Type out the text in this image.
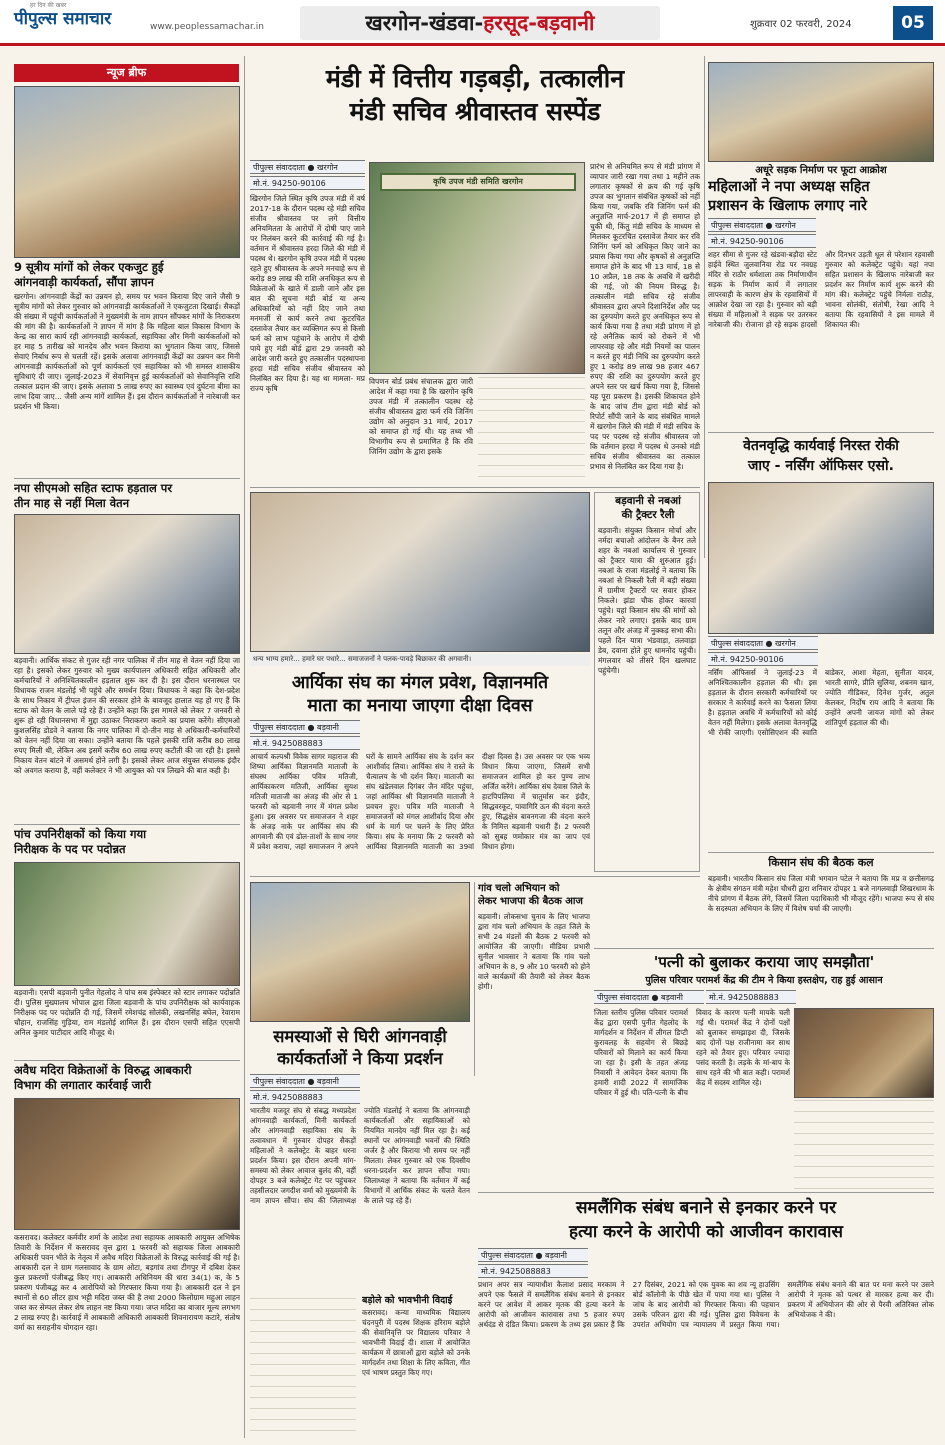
पीपुल्स समाचार
हर दिन की खबर
www.peoplessamachar.in	खरगोन-खंडवा-हरसूद-बड़वानी	शुक्रवार 02 फरवरी, 2024	05
न्यूज ब्रीफ
9 सूत्रीय मांगों को लेकर एकजुट हुई
आंगनवाड़ी कार्यकर्ता, सौंपा ज्ञापन
खरगोन। आंगनवाड़ी केंद्रों का उन्नयन हो, समय पर भवन किराया दिए जाने जैसी 9 सूत्रीय मांगों को लेकर गुरुवार को आंगनवाड़ी कार्यकर्ताओं ने एकजुटता दिखाई। सैकड़ों की संख्या में पहुंची कार्यकर्ताओं ने मुख्यमंत्री के नाम ज्ञापन सौंपकर मांगों के निराकरण की मांग की है। कार्यकर्ताओं ने ज्ञापन में मांग है कि महिला बाल विकास विभाग के केन्द्र का सारा कार्य रही आंगनवाड़ी कार्यकर्ता, सहायिका और मिनी कार्यकर्ताओं को हर माह 5 तारीख को मानदेय और भवन किराया का भुगतान किया जाए, जिससे सेवाएं निर्बाध रूप से चलती रहें। इसके अलावा आंगनवाड़ी केंद्रों का उन्नयन कर मिनी आंगनवाड़ी कार्यकर्ताओं को पूर्ण कार्यकर्ता एवं सहायिका को भी समस्त शासकीय सुविधाएं दी जाए। जुलाई-2023 में सेवानिवृत्त हुई कार्यकर्ताओं को सेवानिवृत्ति राशि तत्काल प्रदान की जाए। इसके अलावा 5 लाख रुपए का स्वास्थ्य एवं दुर्घटना बीमा का लाभ दिया जाए... जैसी अन्य मांगें शामिल हैं। इस दौरान कार्यकर्ताओं ने नारेबाजी कर प्रदर्शन भी किया।
नपा सीएमओ सहित स्टाफ हड़ताल पर
तीन माह से नहीं मिला वेतन
बड़वानी। आर्थिक संकट से गुजर रही नगर पालिका में तीन माह से वेतन नहीं दिया जा रहा है। इसको लेकर गुरुवार को मुख्य कार्यपालन अधिकारी सहित अधिकारी और कर्मचारियों ने अनिश्चितकालीन हड़ताल शुरू कर दी है। इस दौरान धरनास्थल पर विधायक राजन मंडलोई भी पहुंचे और समर्थन दिया। विधायक ने कहा कि देश-प्रदेश के साथ निकाय में ट्रीपल इंजन की सरकार होने के बावजूद हालात यह हो गए हैं कि स्टाफ को वेतन के लाले पड़े रहे हैं। उन्होंने कहा कि इस मामले को लेकर 7 जनवरी से शुरू हो रही विधानसभा में मुद्दा उठाकर निराकरण कराने का प्रयास करेंगे। सीएमओ कुशलसिंह डोडवे ने बताया कि नगर पालिका में दो-तीन माह से अधिकारी-कर्मचारियों को वेतन नहीं दिया जा सका। उन्होंने बताया कि पहले इसकी राशि करीब 80 लाख रुपए मिली थी, लेकिन अब इसमें करीब 60 लाख रुपए कटौती की जा रही है। इससे निकाय वेतन बांटने में असमर्थ होने लगी है। इसको लेकर आज संयुक्त संचालक इंदौर को अवगत कराया है, वहीं कलेक्टर ने भी आयुक्त को पत्र लिखने की बात कही है।
पांच उपनिरीक्षकों को किया गया
निरीक्षक के पद पर पदोन्नत
बड़वानी। एसपी बड़वानी पुनीत गेहलोद ने पांच सब इंस्पेक्टर को स्टार लगाकर पदोन्नति दी। पुलिस मुख्यालय भोपाल द्वारा जिला बड़वानी के पांच उपनिरीक्षक को कार्यवाहक निरीक्षक पद पर पदोन्नति दी गई, जिसमें रमेशचंद्र सोलंकी, लखनसिंह बघेल, रेवाराम चौहान, राजसिंह गुड़िया, राम मंडलोई शामिल हैं। इस दौरान एसपी सहित एएसपी अनिल कुमार पाटीदार आदि मौजूद थे।
अवैध मदिरा विक्रेताओं के विरुद्ध आबकारी
विभाग की लगातार कार्रवाई जारी
कसरावद। कलेक्टर कर्मवीर शर्मा के आदेश तथा सहायक आबकारी आयुक्त अभिषेक तिवारी के निर्देशन में कसरावद वृत्त द्वारा 1 फरवरी को सहायक जिला आबकारी अधिकारी पवन भीते के नेतृत्व में अवैध मदिरा विक्रेताओं के विरुद्ध कार्रवाई की गई है। आबकारी दल ने ग्राम गलसावाद के ग्राम ओटा, बड़गांव तथा टीगपुर में दबिश देकर कुल प्रकरणों पंजीबद्ध किए गए। आबकारी अधिनियम की धारा 34(1) क, के 5 प्रकरण पंजीबद्ध कर 4 आरोपियों को गिरफ्तार किया गया है। आबकारी दल ने इन स्थानों से 60 लीटर हाथ भट्टी मदिरा जब्त की है तथा 2000 किलोग्राम महुआ लाहन जब्त कर सेम्पल लेकर शेष लाहन नष्ट किया गया। जप्त मदिरा का बाजार मूल्य लगभग 2 लाख रुपए है। कार्रवाई में आबकारी अधिकारी आबकारी शिवनारायण कटारे, संतोष वर्मा का सराहनीय योगदान रहा।
मंडी में वित्तीय गड़बड़ी, तत्कालीन
मंडी सचिव श्रीवास्तव सस्पेंड
पीपुल्स संवाददाता ● खरगोन
मो.नं. 94250-90106
खिरगोन जिले स्थित कृषि उपज मंडी में वर्ष 2017-18 के दौरान पदस्थ रहे मंडी सचिव संजीव श्रीवास्तव पर लगे वित्तीय अनियमितता के आरोपों में दोषी पाए जाने पर निलंबन करने की कार्रवाई की गई है। वर्तमान में श्रीवास्तव हरदा जिले की मंडी में पदस्थ थे। खरगोन कृषि उपज मंडी में पदस्थ रहते हुए श्रीवास्तव के अपने मनचाहे रूप से करोड़ 89 लाख की राशि अनधिकृत रूप से विक्रेताओं के खाते में डाली जाने और इस बात की सूचना मंडी बोर्ड या अन्य अधिकारियों को नहीं दिए जाने तथा मनमर्जी से कार्य करने तथा कूटरचित दस्तावेज तैयार कर व्यक्तिगत रूप से किसी फर्म को लाभ पहुंचाने के आरोप में दोषी पाये हुए मंडी बोर्ड द्वारा 29 जनवरी को आदेश जारी करते हुए तत्कालीन पदस्थापना हरदा मंडी सचिव संजीव श्रीवास्तव को निलंबित कर दिया है। यह था मामला- मप्र राज्य कृषि
कृषि उपज मंडी समिति खरगोन
विपणन बोर्ड प्रबंध संचालक द्वारा जारी आदेश में कहा गया है कि खरगोन कृषि उपज मंडी में तत्कालीन पदस्थ रहे संजीव श्रीवास्तव द्वारा फर्म रवि जिनिंग उद्योग को अनुदान 31 मार्च, 2017 को समाप्त हो गई थी। यह तथ्य भी विभागीय रूप से प्रमाणित है कि रवि जिनिंग उद्योग के द्वारा इसके
प्रारंभ से अनियमित रूप से मंडी प्रांगण में व्यापार जारी रखा गया तथा 1 महीने तक लगातार कृषकों से क्रय की गई कृषि उपज का भुगतान संबंधित कृषकों को नहीं किया गया, जबकि रवि जिनिंग फर्म की अनुज्ञप्ति मार्च-2017 में ही समाप्त हो चुकी थी, किंतु मंडी सचिव के माध्यम से मिलकर कूटरचित दस्तावेज तैयार कर रवि जिनिंग फर्म को अधिकृत किए जाने का प्रयास किया गया और कृषकों से अनुज्ञप्ति समाप्त होने के बाद भी 13 मार्च, 18 से 10 अप्रैल, 18 तक के अवधि में खरीदी की गई, जो की नियम विरुद्ध है। तत्कालीन मंडी सचिव रहे संजीव श्रीवास्तव द्वारा अपने दिशानिर्देश और पद का दुरुपयोग करते हुए अनधिकृत रूप से कार्य किया गया है तथा मंडी प्रांगण में हो रहे अनैतिक कार्य को रोकने में भी लापरवाह रहे और मंडी नियमों का पालन न करते हुए मंडी निधि का दुरुपयोग करते हुए 1 करोड़ 89 लाख 98 हजार 467 रुपए की राशि का दुरुपयोग करते हुए अपने स्तर पर खर्च किया गया है, जिससे यह पूरा प्रकरण है। इसकी शिकायत होने के बाद जांच टीम द्वारा मंडी बोर्ड को रिपोर्ट सौंपी जाने के बाद संबंधित मामले में खरगोन जिले की मंडी में मंडी सचिव के पद पर पदस्थ रहे संजीव श्रीवास्तव जो कि वर्तमान हरदा में पदस्थ थे उनको मंडी सचिव संजीव श्रीवास्तव का तत्काल प्रभाव से निलंबित कर दिया गया है।
धन्य भाग्य हमारे... हमारे घर पधारे... समाजजनों ने पलक-पावड़े बिछाकर की अगवानी।
बड़वानी से नबआं
की ट्रैक्टर रैली
बड़वानी। संयुक्त किसान मोर्चा और नर्मदा बचाओ आंदोलन के बैनर तले शहर के नबआं कार्यालय से गुरुवार को ट्रैक्टर यात्रा की शुरुआत हुई। नबआं के राजा मंडलोई ने बताया कि नबआं से निकली रैली में बड़ी संख्या में ग्रामीण ट्रैक्टरों पर सवार होकर निकले। झंडा चौक होकर कारवां पहुंचे। यहां किसान संघ की मांगों को लेकर नारे लगाए। इसके बाद ग्राम तलून और अंजड़ में नुक्कड़ सभा की। पहले दिन यात्रा भंडवाड़ा, तलवाड़ा डेब, दवाना होते हुए धामनोद पहुंची। मंगलवार को तीसरे दिन खलघाट पहुंचेगी।
आर्यिका संघ का मंगल प्रवेश, विज्ञानमति
माता का मनाया जाएगा दीक्षा दिवस
पीपुल्स संवाददाता ● बड़वानी
मो.नं. 9425088883
आचार्य कल्पश्री विवेक सागर महाराज की शिष्या आर्यिका विज्ञानमति माताजी के संघस्थ आर्यिका पवित्र मतिजी, आर्यिकाकरण मतिजी, आर्यिका सुयश मतिजी माताजी का अंजड़ की ओर से 1 फरवरी को बड़वानी नगर में मंगल प्रवेश हुआ। इस अवसर पर समाजजन ने शहर के अंजड़ नाके पर आर्यिका संघ की आगवानी की एवं ढोल-ताशों के साथ नगर में प्रवेश कराया, जहां समाजजन ने अपने घरों के सामने आर्यिका संघ के दर्शन कर आशीर्वाद लिया। आर्यिका संघ ने रास्ते के चैत्यालय के भी दर्शन किए। माताजी का संघ खंडेलवाल दिगंबर जैन मंदिर पहुंचा, जहां आर्यिका श्री विज्ञानमति माताजी ने प्रवचन हुए। पवित्र मति माताजी ने समाजजनों को मंगल आशीर्वाद दिया और धर्म के मार्ग पर चलने के लिए प्रेरित किया। संघ के मनाया कि 2 फरवरी को आर्यिका विज्ञानमति माताजी का 39वां दीक्षा दिवस है। उस अवसर पर एक भव्य विधान किया जाएगा, जिसमें सभी समाजजन शामिल हो कर पुण्य लाभ अर्जित करेंगे। आर्यिका संघ देवास जिले के हाटपिपलिया में चातुर्मास कर इंदौर, सिद्धवरकूट, पावागिरि ऊन की वंदना करते हुए, सिद्धक्षेत्र बावनगजा की वंदना करने के निमित्त बड़वानी पधारी हैं। 2 फरवरी को सुबह णमोकार मंत्र का जाप एवं विधान होगा।
समस्याओं से घिरी आंगनवाड़ी
कार्यकर्ताओं ने किया प्रदर्शन
पीपुल्स संवाददाता ● बड़वानी
मो.नं. 9425088883
भारतीय मजदूर संघ से संबद्ध मध्यप्रदेश आंगनवाड़ी कार्यकर्ता, मिनी कार्यकर्ता और आंगनवाड़ी सहायिका संघ के तत्वावधान में गुरुवार दोपहर सैकड़ों महिलाओं ने कलेक्ट्रेट के बाहर धरना प्रदर्शन किया। इस दौरान अपनी मांग-समस्या को लेकर आवाज बुलंद की, वहीं दोपहर 3 बजे कलेक्ट्रेट गेट पर पहुंचकर तहसीलदार जगदीश वर्मा को मुख्यमंत्री के नाम ज्ञापन सौंपा। संघ की जिलाध्यक्ष ज्योति मंडलोई ने बताया कि आंगनवाड़ी कार्यकर्ताओं और सहायिकाओं को नियमित मानदेय नहीं मिल रहा है। कई स्थानों पर आंगनवाड़ी भवनों की स्थिति जर्जर है और किराया भी समय पर नहीं मिलता। लेकर गुरुवार को एक दिवसीय धरना-प्रदर्शन कर ज्ञापन सौंपा गया। जिलाध्यक्ष ने बताया कि वर्तमान में कई विभागों में आर्थिक संकट के चलते वेतन के लाले पड़ रहे हैं।
बड़ोले को भावभीनी विदाई
कसरावद। कन्या माध्यमिक विद्यालय चंदनपुरी में पदस्थ शिक्षक हरिराम बड़ोले की सेवानिवृत्ति पर विद्यालय परिवार ने भावभीनी विदाई दी। शाला में आयोजित कार्यक्रम में छात्राओं द्वारा बड़ोले को उनके मार्गदर्शन तथा शिक्षा के लिए कविता, गीत एवं भाषण प्रस्तुत किए गए।
गांव चलो अभियान को
लेकर भाजपा की बैठक आज
बड़वानी। लोकसभा चुनाव के लिए भाजपा द्वारा गांव चलो अभियान के तहत जिले के सभी 24 मंडलों की बैठक 2 फरवरी को आयोजित की जाएगी। मीडिया प्रभारी सुनील भावसार ने बताया कि गांव चलो अभियान के 8, 9 और 10 फरवरी को होने वाले कार्यक्रमों की तैयारी को लेकर बैठक होगी।
अधूरे सड़क निर्माण पर फूटा आक्रोश
महिलाओं ने नपा अध्यक्ष सहित
प्रशासन के खिलाफ लगाए नारे
पीपुल्स संवाददाता ● खरगोन
मो.नं. 94250-90106
शहर सीमा से गुजर रहे खंडवा-बड़ौदा स्टेट हाईवे स्थित जुलवानिया रोड पर नवग्रह मंदिर से राठौर धर्मशाला तक निर्माणाधीन सड़क के निर्माण कार्य में लगातार लापरवाही के कारण क्षेत्र के रहवासियों में आक्रोश देखा जा रहा है। गुरुवार को बड़ी संख्या में महिलाओं ने सड़क पर उतरकर नारेबाजी की। रोजाना हो रहे सड़क हादसों और दिनभर उड़ती धूल से परेशान रहवासी गुरुवार को कलेक्ट्रेट पहुंचे। यहां नपा सहित प्रशासन के खिलाफ नारेबाजी कर प्रदर्शन कर निर्माण कार्य शुरू करने की मांग की। कलेक्ट्रेट पहुंचे निर्मला राठौड़, भावना सोलंकी, संतोषी, रेखा आदि ने बताया कि रहवासियों ने इस मामले में शिकायत की।
वेतनवृद्धि कार्यवाई निरस्त रोकी
जाए - नर्सिंग ऑफिसर एसो.
पीपुल्स संवाददाता ● खरगोन
मो.नं. 94250-90106
नर्सिंग ऑफिसर्स ने जुलाई-23 में अनिश्चितकालीन हड़ताल की थी। इस हड़ताल के दौरान सरकारी कर्मचारियों पर सरकार ने कार्रवाई करने का फैसला लिया है। हड़ताल अवधि में कर्मचारियों को कोई वेतन नहीं मिलेगा। इसके अलावा वेतनवृद्धि भी रोकी जाएगी। एसोसिएशन की स्वाति बाडेकर, आशा मेहता, सुनीता यादव, भारती सागरे, प्रीति सुलिया, शबनम खान, ज्योति गीडिकर, दिनेश गुर्जर, अतुल केलकर, निर्दोष राय आदि ने बताया कि उन्होंने अपनी जायज मांगों को लेकर शांतिपूर्ण हड़ताल की थी।
किसान संघ की बैठक कल
बड़वानी। भारतीय किसान संघ जिला मंत्री भगवान पटेल ने बताया कि मप्र व छत्तीसगढ़ के क्षेत्रीय संगठन मंत्री महेश चौधरी द्वारा शनिवार दोपहर 1 बजे नागलवाड़ी शिखरधाम के नीचे प्रांगण में बैठक लेंगे, जिसमें जिला पदाधिकारी भी मौजूद रहेंगे। भाजपा रूप से संघ के सदस्यता अभियान के लिए में विशेष चर्चा की जाएगी।
'पत्नी को बुलाकर कराया जाए समझौता'
पुलिस परिवार परामर्श केंद्र की टीम ने किया हस्तक्षेप, राह हुई आसान
पीपुल्स संवाददाता ● बड़वानी	मो.नं. 9425088883
जिला स्तरीय पुलिस परिवार परामर्श केंद्र द्वारा एसपी पुनीत गेहलोद के मार्गदर्शन व निर्देशन में लीगल डिप्टी कुरावलह के सहयोग से बिछड़े परिवारों को मिलाने का कार्य किया जा रहा है। इसी के तहत अंजड़ निवासी ने आवेदन देकर बताया कि हमारी शादी 2022 में सामाजिक परिवार में हुई थी। पति-पत्नी के बीच विवाद के कारण पत्नी मायके चली गई थी। परामर्श केंद्र ने दोनों पक्षों को बुलाकर समझाइश दी, जिसके बाद दोनों पक्ष राजीनामा कर साथ रहने को तैयार हुए। परिवार ज्यादा पसंद करती है। लड़के के मां-बाप के साथ रहने की भी बात कही। परामर्श केंद्र में सदस्य शामिल रहे।
समलैंगिक संबंध बनाने से इनकार करने पर
हत्या करने के आरोपी को आजीवन कारावास
पीपुल्स संवाददाता ● बड़वानी
मो.नं. 9425088883
प्रधान अपर सत्र न्यायाधीश कैलाश प्रसाद मरकाम ने अपने एक फैसले में समलैंगिक संबंध बनाने से इनकार करने पर आवेश में आकर मृतक की हत्या करने के आरोपी को आजीवन कारावास तथा 5 हजार रुपए अर्थदंड से दंडित किया। प्रकरण के तथ्य इस प्रकार हैं कि 27 दिसंबर, 2021 को एक युवक का शव न्यू हाउसिंग बोर्ड कॉलोनी के पीछे खेत में पाया गया था। पुलिस ने जांच के बाद आरोपी को गिरफ्तार किया। की पहचान उसके परिजन द्वारा की गई। पुलिस द्वारा विवेचना के उपरांत अभियोग पत्र न्यायालय में प्रस्तुत किया गया। समलैंगिक संबंध बनाने की बात पर मना करने पर उसने आरोपी ने मृतक को पत्थर से मारकर हत्या कर दी। प्रकरण में अभियोजन की ओर से पैरवी अतिरिक्त लोक अभियोजक ने की।
